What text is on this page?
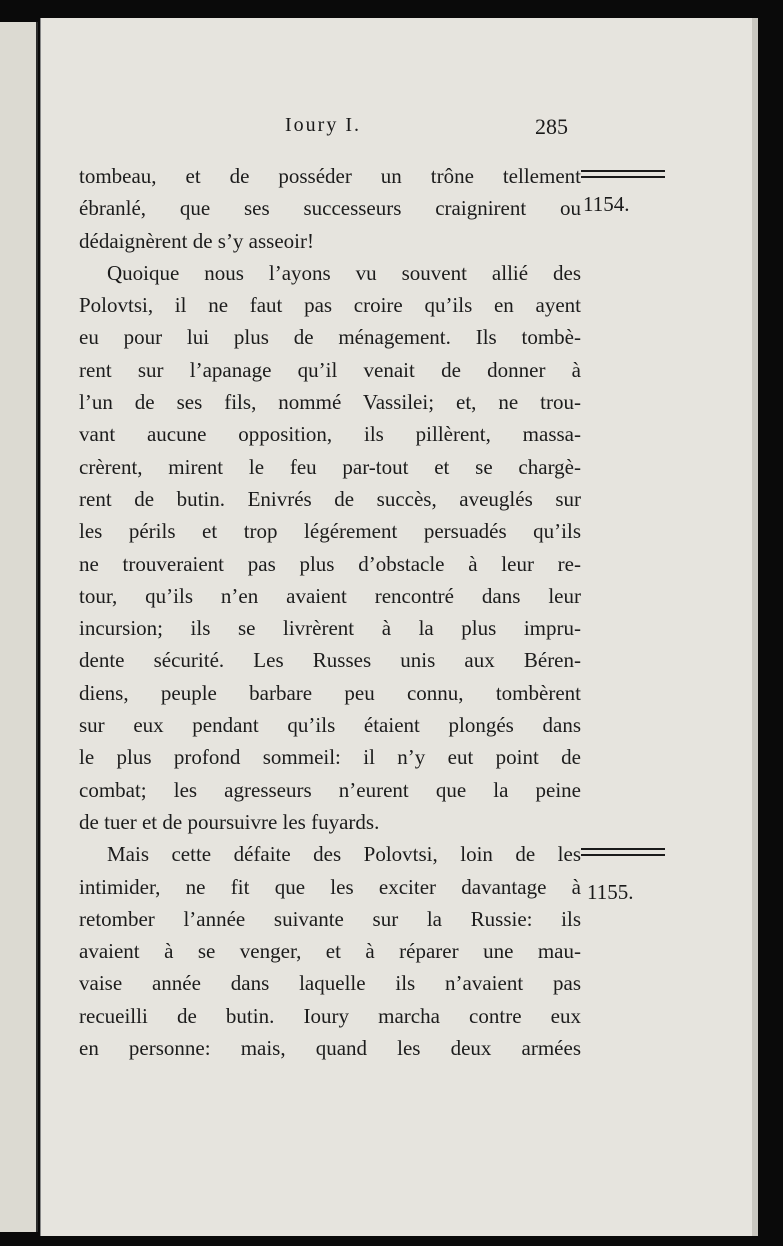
Ioury I.	285
1154.
1155.
tombeau, et de posséder un trône tellement
ébranlé, que ses successeurs craignirent ou
dédaignèrent de s’y asseoir!
Quoique nous l’ayons vu souvent allié des
Polovtsi, il ne faut pas croire qu’ils en ayent
eu pour lui plus de ménagement. Ils tombè-
rent sur l’apanage qu’il venait de donner à
l’un de ses fils, nommé Vassilei; et, ne trou-
vant aucune opposition, ils pillèrent, massa-
crèrent, mirent le feu par-tout et se chargè-
rent de butin. Enivrés de succès, aveuglés sur
les périls et trop légérement persuadés qu’ils
ne trouveraient pas plus d’obstacle à leur re-
tour, qu’ils n’en avaient rencontré dans leur
incursion; ils se livrèrent à la plus impru-
dente sécurité. Les Russes unis aux Béren-
diens, peuple barbare peu connu, tombèrent
sur eux pendant qu’ils étaient plongés dans
le plus profond sommeil: il n’y eut point de
combat; les agresseurs n’eurent que la peine
de tuer et de poursuivre les fuyards.
Mais cette défaite des Polovtsi, loin de les
intimider, ne fit que les exciter davantage à
retomber l’année suivante sur la Russie: ils
avaient à se venger, et à réparer une mau-
vaise année dans laquelle ils n’avaient pas
recueilli de butin. Ioury marcha contre eux
en personne: mais, quand les deux armées
